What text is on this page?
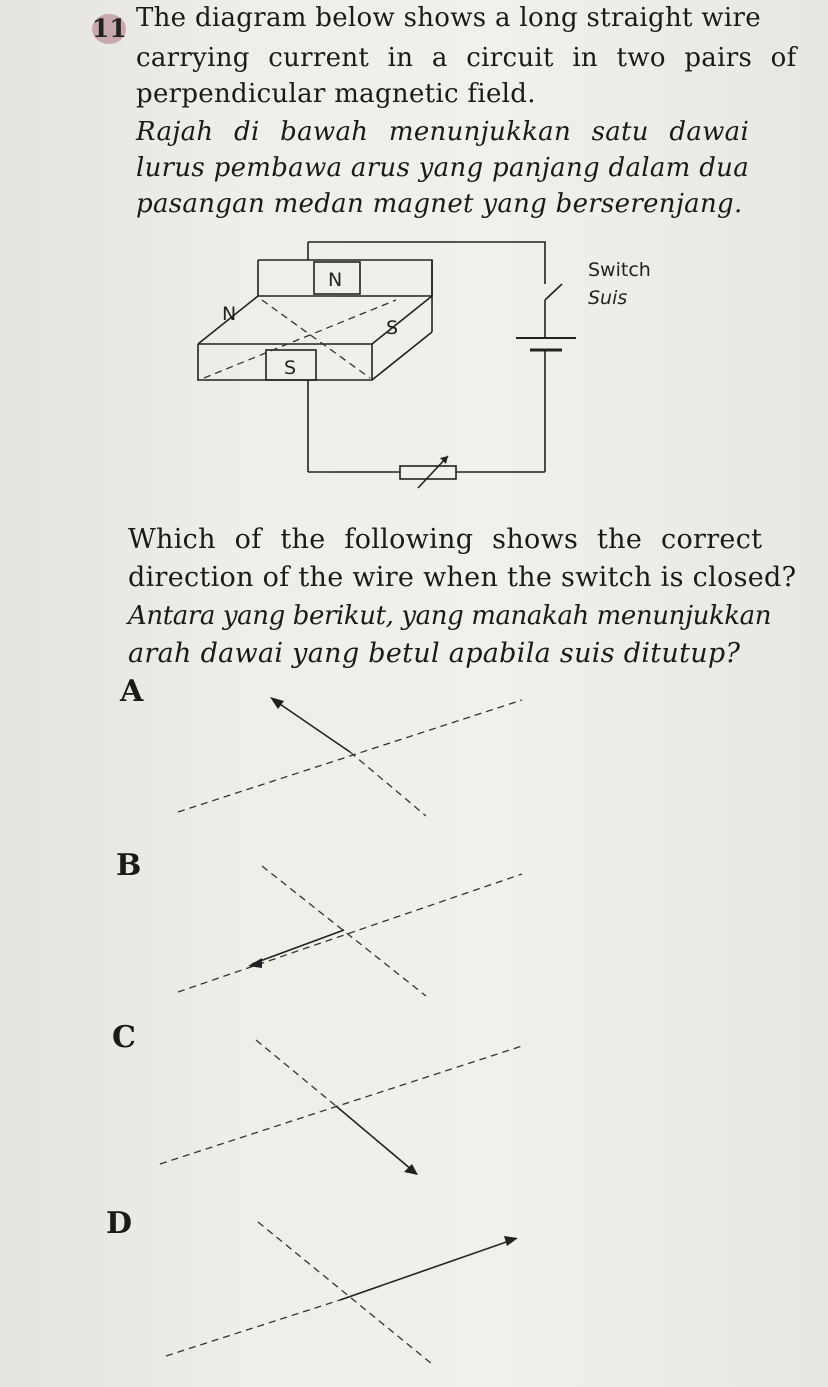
11 The diagram below shows a long straight wire
carrying current in a circuit in two pairs of
perpendicular magnetic field.
Rajah di bawah menunjukkan satu dawai
lurus pembawa arus yang panjang dalam dua
pasangan medan magnet yang berserenjang.
N
N
S
S
Switch
Suis
Which of the following shows the correct
direction of the wire when the switch is closed?
Antara yang berikut, yang manakah menunjukkan
arah dawai yang betul apabila suis ditutup?
A
B
C
D
